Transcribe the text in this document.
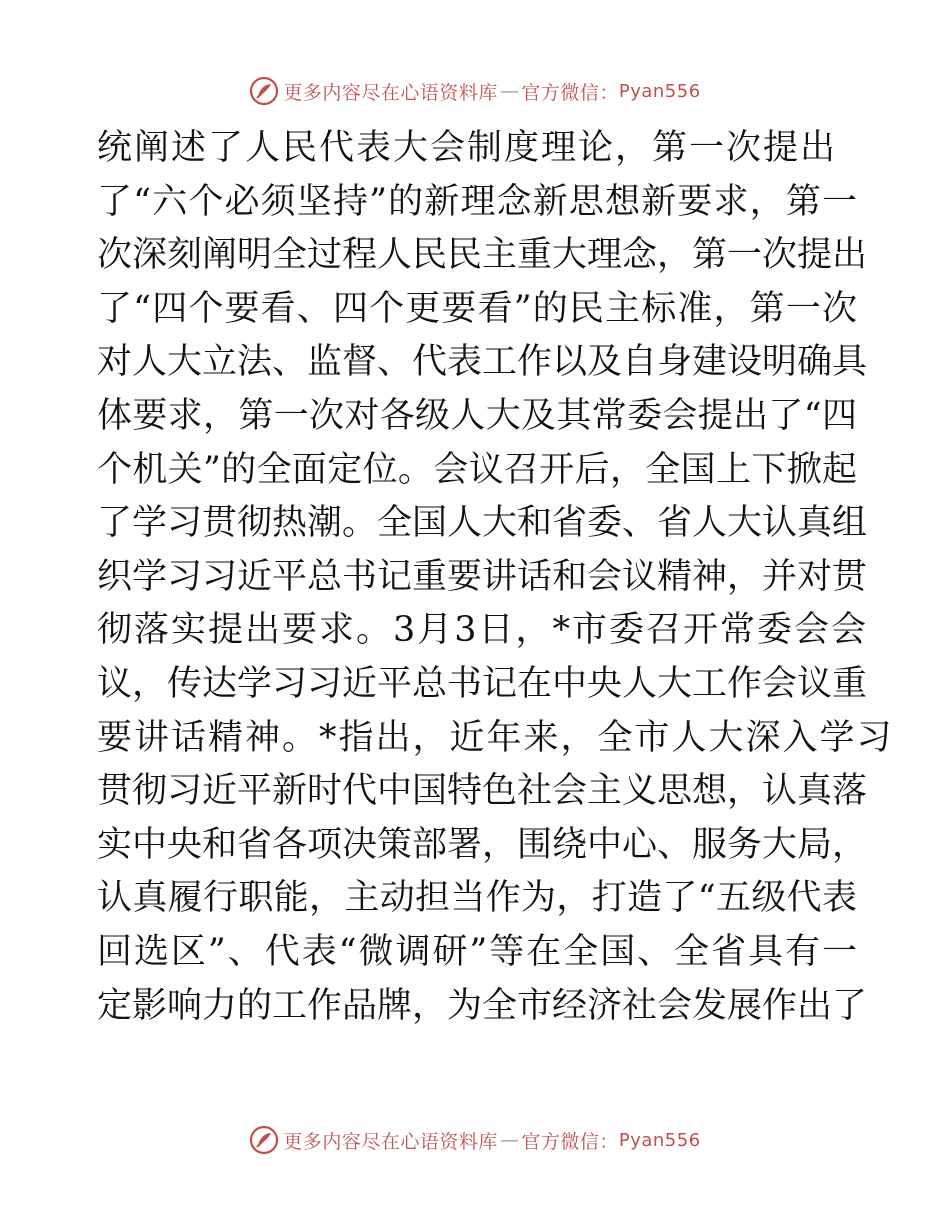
更多内容尽在心语资料库 — 官方微信： Pyan556
统阐述了人民代表大会制度理论，第一次提出
了“六个必须坚持”的新理念新思想新要求，第一
次深刻阐明全过程人民民主重大理念，第一次提出
了“四个要看、四个更要看”的民主标准，第一次
对人大立法、监督、代表工作以及自身建设明确具
体要求，第一次对各级人大及其常委会提出了“四
个机关”的全面定位。会议召开后，全国上下掀起
了学习贯彻热潮。全国人大和省委、省人大认真组
织学习习近平总书记重要讲话和会议精神，并对贯
彻落实提出要求。3月3日，*市委召开常委会会
议，传达学习习近平总书记在中央人大工作会议重
要讲话精神。*指出，近年来，全市人大深入学习
贯彻习近平新时代中国特色社会主义思想，认真落
实中央和省各项决策部署，围绕中心、服务大局，
认真履行职能，主动担当作为，打造了“五级代表
回选区”、代表“微调研”等在全国、全省具有一
定影响力的工作品牌，为全市经济社会发展作出了
更多内容尽在心语资料库 — 官方微信： Pyan556
